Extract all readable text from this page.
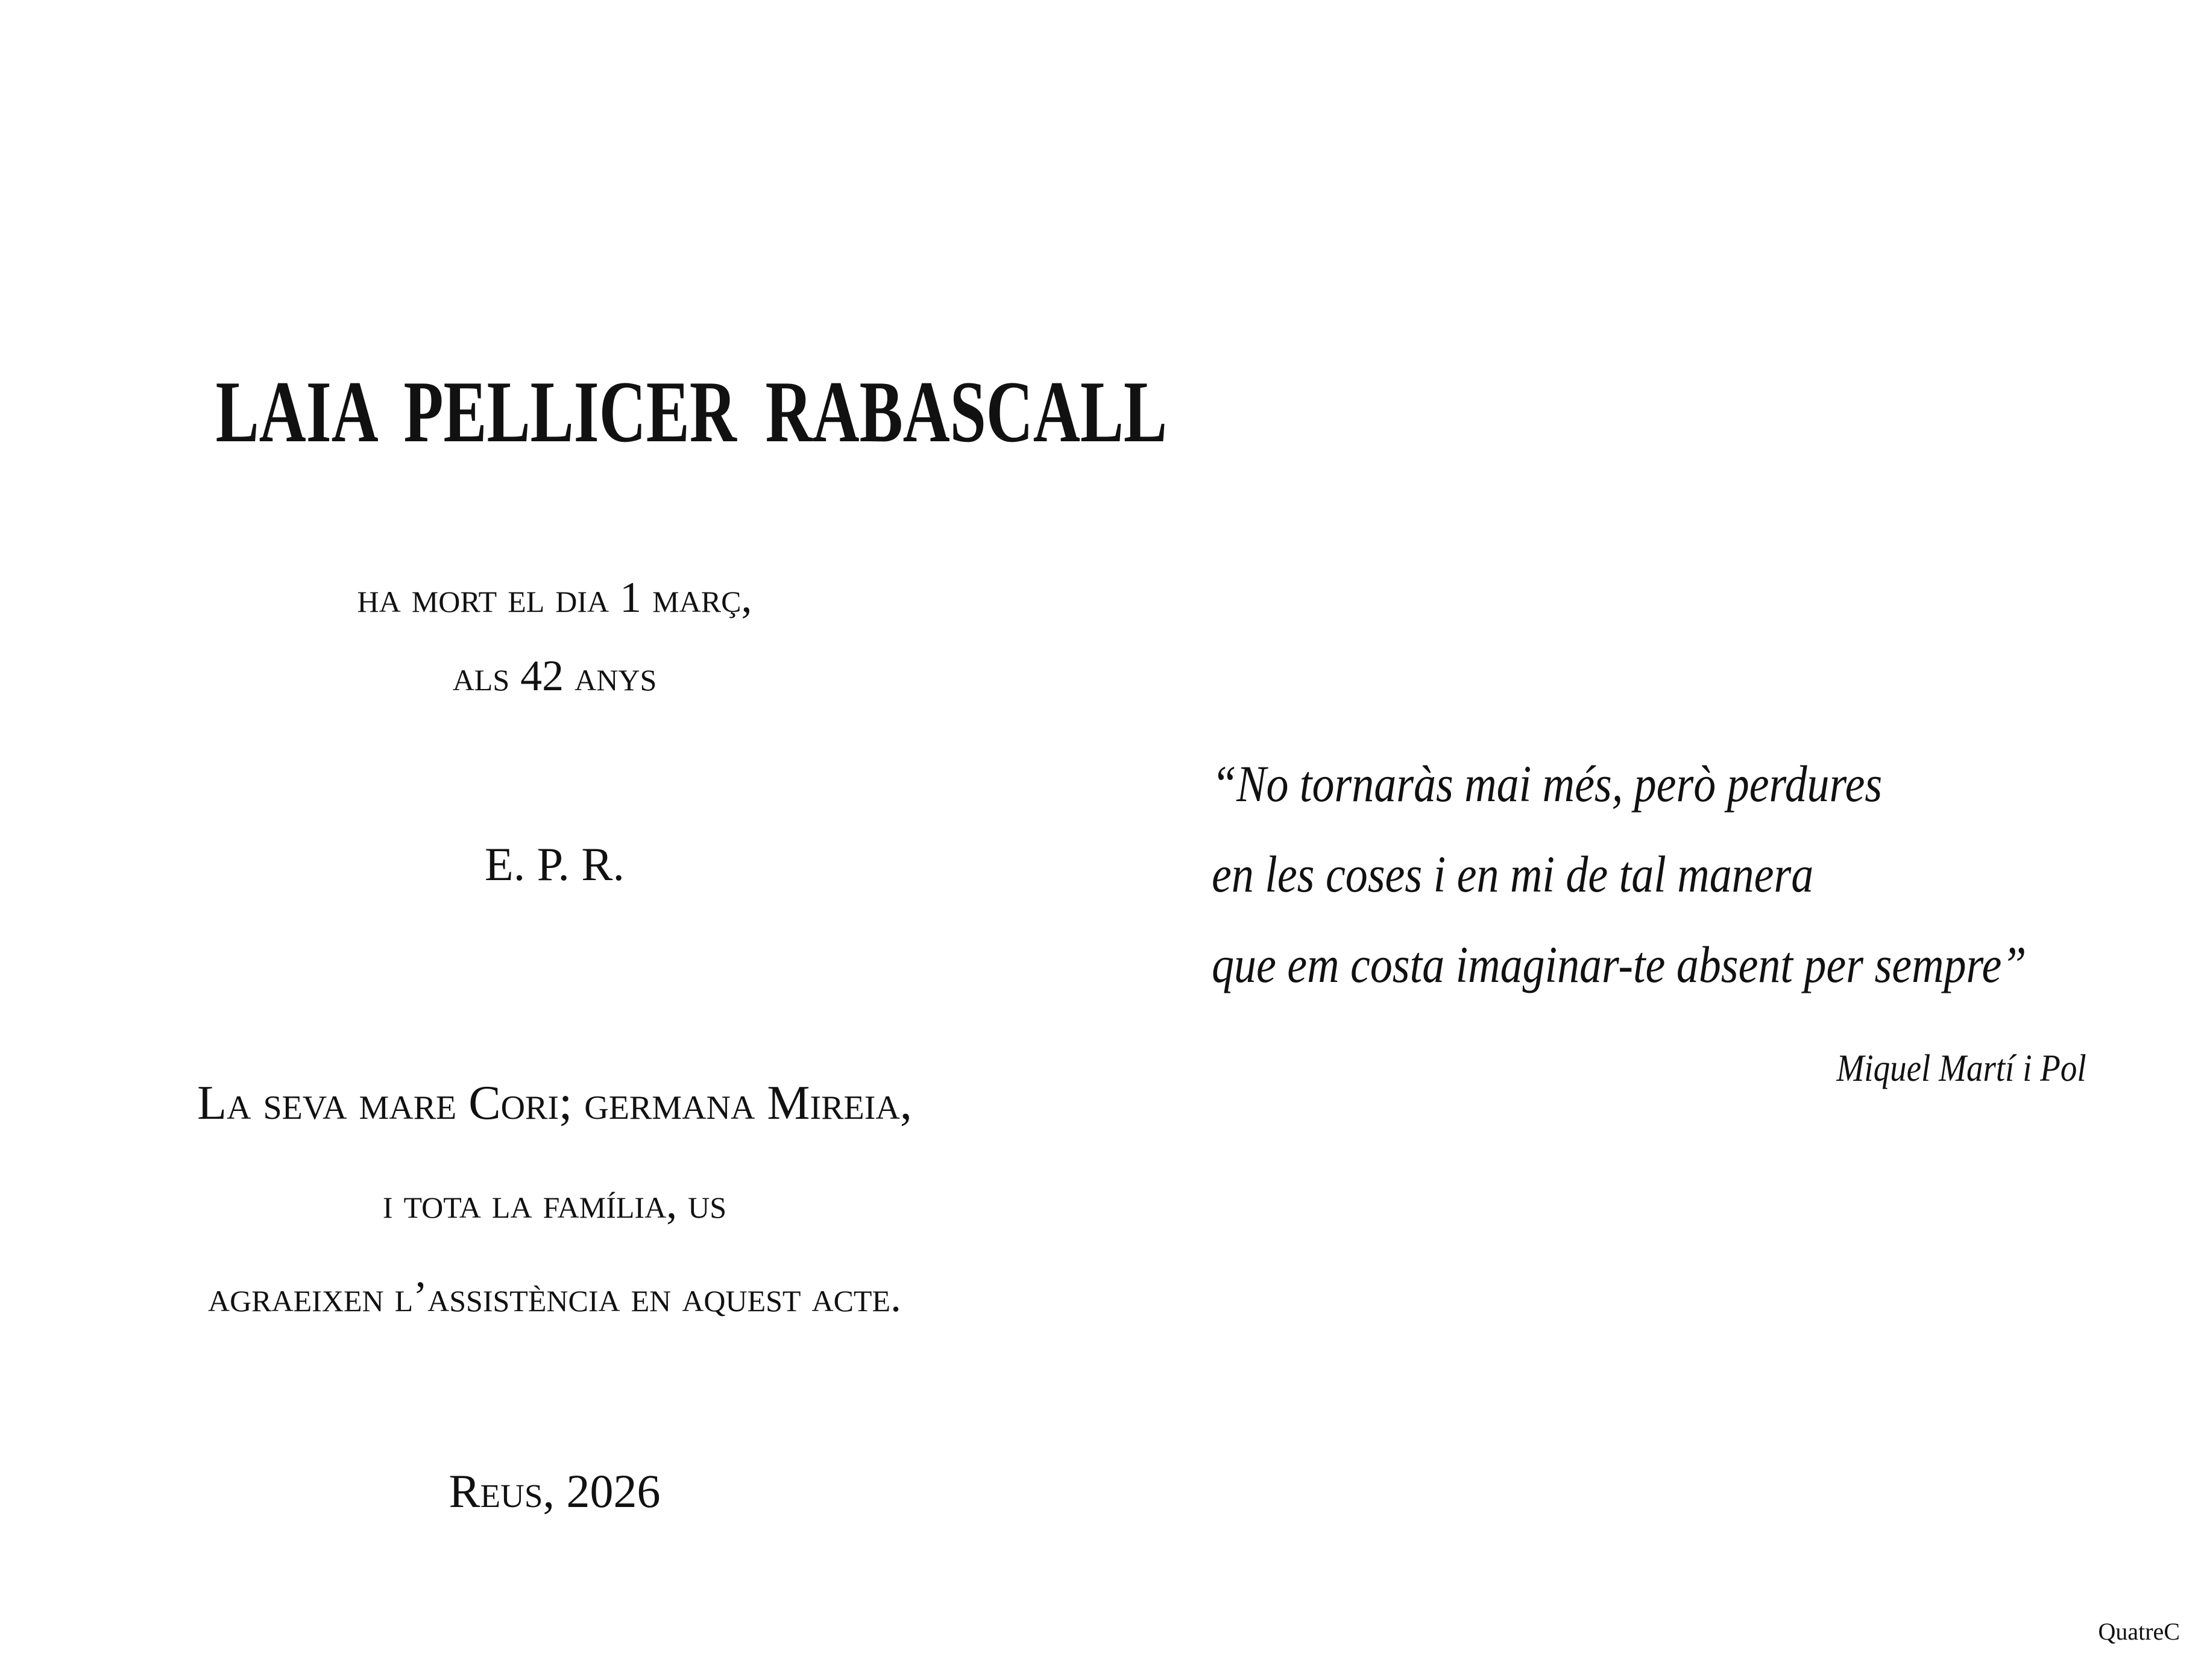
LAIA PELLICER RABASCALL
ha mort el dia 1 març,
als 42 anys
E. P. R.
La seva mare Cori; germana Mireia,
i tota la família, us
agraeixen l’assistència en aquest acte.
Reus, 2026
“No tornaràs mai més, però perdures
en les coses i en mi de tal manera
que em costa imaginar-te absent per sempre”
Miquel Martí i Pol
QuatreC
